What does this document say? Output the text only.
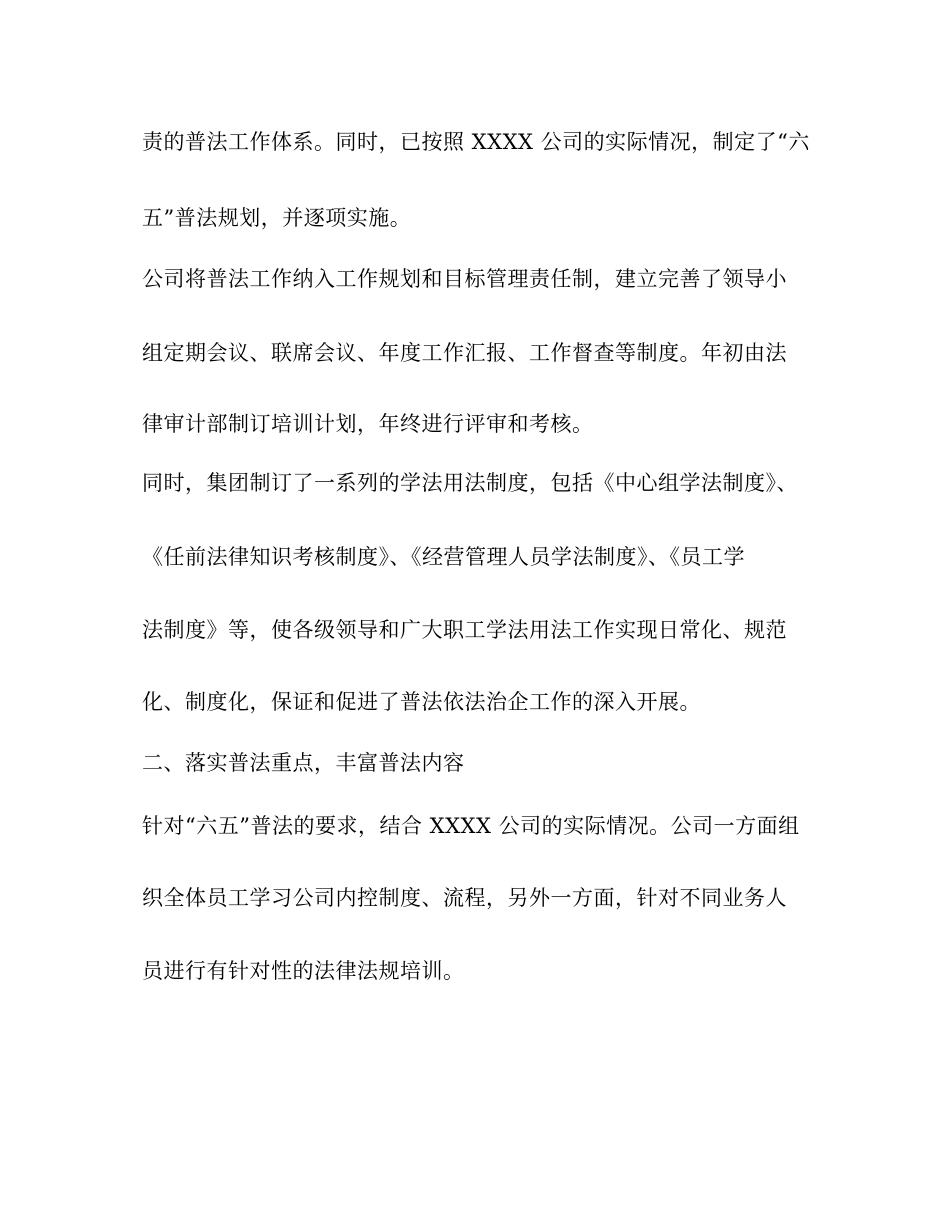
责的普法工作体系。同时，已按照 XXXX 公司的实际情况，制定了“六
五”普法规划，并逐项实施。
公司将普法工作纳入工作规划和目标管理责任制，建立完善了领导小
组定期会议、联席会议、年度工作汇报、工作督查等制度。年初由法
律审计部制订培训计划，年终进行评审和考核。
同时，集团制订了一系列的学法用法制度，包括《中心组学法制度》、
《任前法律知识考核制度》、《经营管理人员学法制度》、《员工学
法制度》等，使各级领导和广大职工学法用法工作实现日常化、规范
化、制度化，保证和促进了普法依法治企工作的深入开展。
二、落实普法重点，丰富普法内容
针对“六五”普法的要求，结合 XXXX 公司的实际情况。公司一方面组
织全体员工学习公司内控制度、流程，另外一方面，针对不同业务人
员进行有针对性的法律法规培训。
